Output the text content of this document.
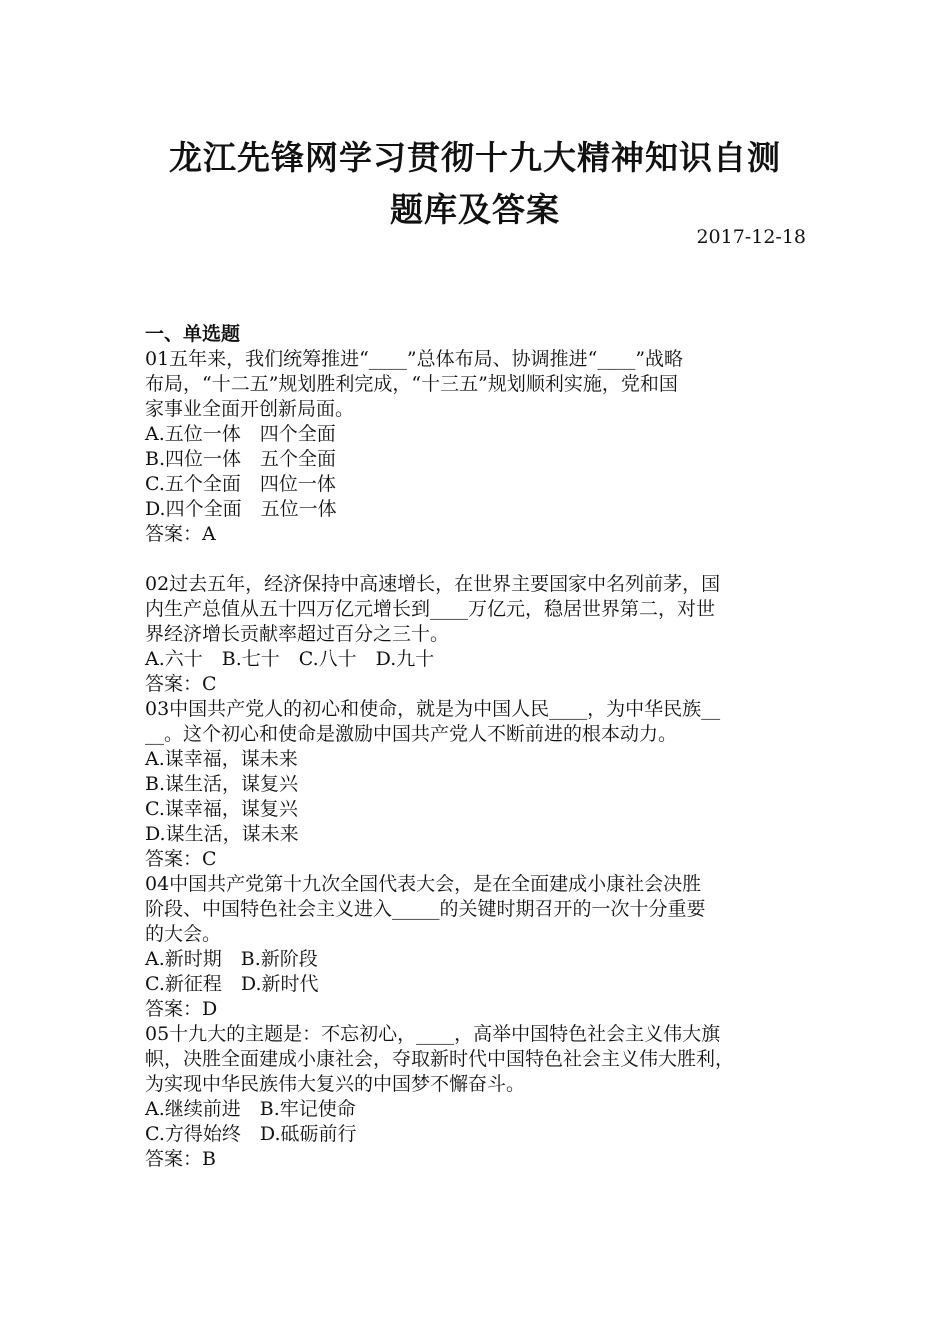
龙江先锋网学习贯彻十九大精神知识自测
题库及答案
2017-12-18
一、单选题
01五年来，我们统筹推进“____”总体布局、协调推进“____”战略
布局，“十二五”规划胜利完成，“十三五”规划顺利实施，党和国
家事业全面开创新局面。
A.五位一体　四个全面
B.四位一体　五个全面
C.五个全面　四位一体
D.四个全面　五位一体
答案：A
02过去五年，经济保持中高速增长，在世界主要国家中名列前茅，国
内生产总值从五十四万亿元增长到____万亿元，稳居世界第二，对世
界经济增长贡献率超过百分之三十。
A.六十　B.七十　C.八十　D.九十
答案：C
03中国共产党人的初心和使命，就是为中国人民____，为中华民族__
__。这个初心和使命是激励中国共产党人不断前进的根本动力。
A.谋幸福，谋未来
B.谋生活，谋复兴
C.谋幸福，谋复兴
D.谋生活，谋未来
答案：C
04中国共产党第十九次全国代表大会，是在全面建成小康社会决胜
阶段、中国特色社会主义进入_____的关键时期召开的一次十分重要
的大会。
A.新时期　B.新阶段
C.新征程　D.新时代
答案：D
05十九大的主题是：不忘初心，____，高举中国特色社会主义伟大旗
帜，决胜全面建成小康社会，夺取新时代中国特色社会主义伟大胜利，
为实现中华民族伟大复兴的中国梦不懈奋斗。
A.继续前进　B.牢记使命
C.方得始终　D.砥砺前行
答案：B
